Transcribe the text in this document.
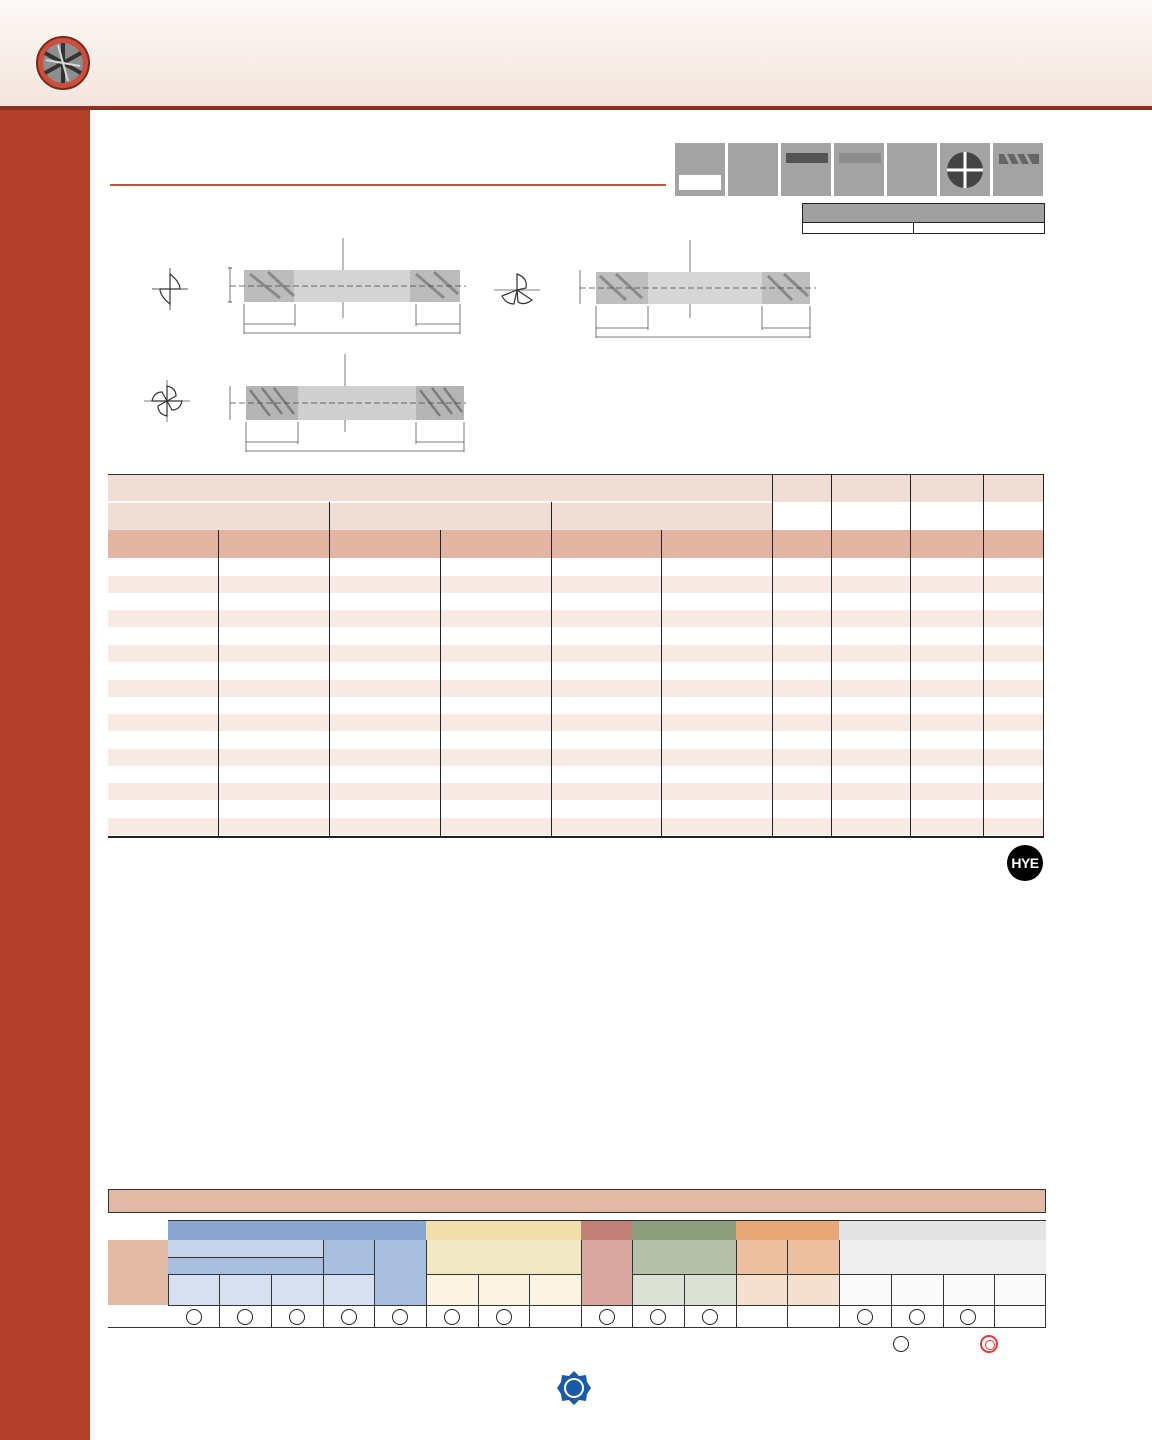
HYE
